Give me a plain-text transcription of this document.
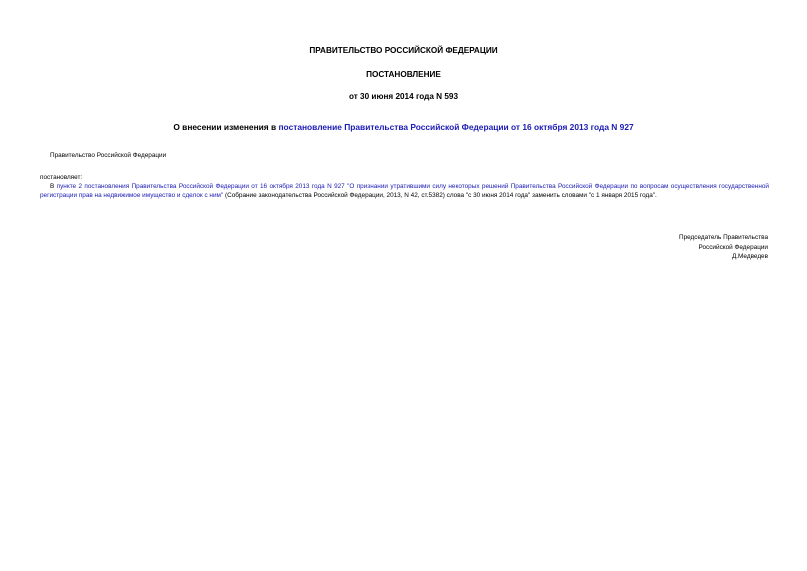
ПРАВИТЕЛЬСТВО РОССИЙСКОЙ ФЕДЕРАЦИИ
ПОСТАНОВЛЕНИЕ
от 30 июня 2014 года N 593
О внесении изменения в постановление Правительства Российской Федерации от 16 октября 2013 года N 927
Правительство Российской Федерации
постановляет:
В пункте 2 постановления Правительства Российской Федерации от 16 октября 2013 года N 927 "О признании утратившими силу некоторых решений Правительства Российской Федерации по вопросам осуществления государственной регистрации прав на недвижимое имущество и сделок с ним" (Собрание законодательства Российской Федерации, 2013, N 42, ст.5382) слова "с 30 июня 2014 года" заменить словами "с 1 января 2015 года".
Председатель Правительства
Российской Федерации
Д.Медведев
